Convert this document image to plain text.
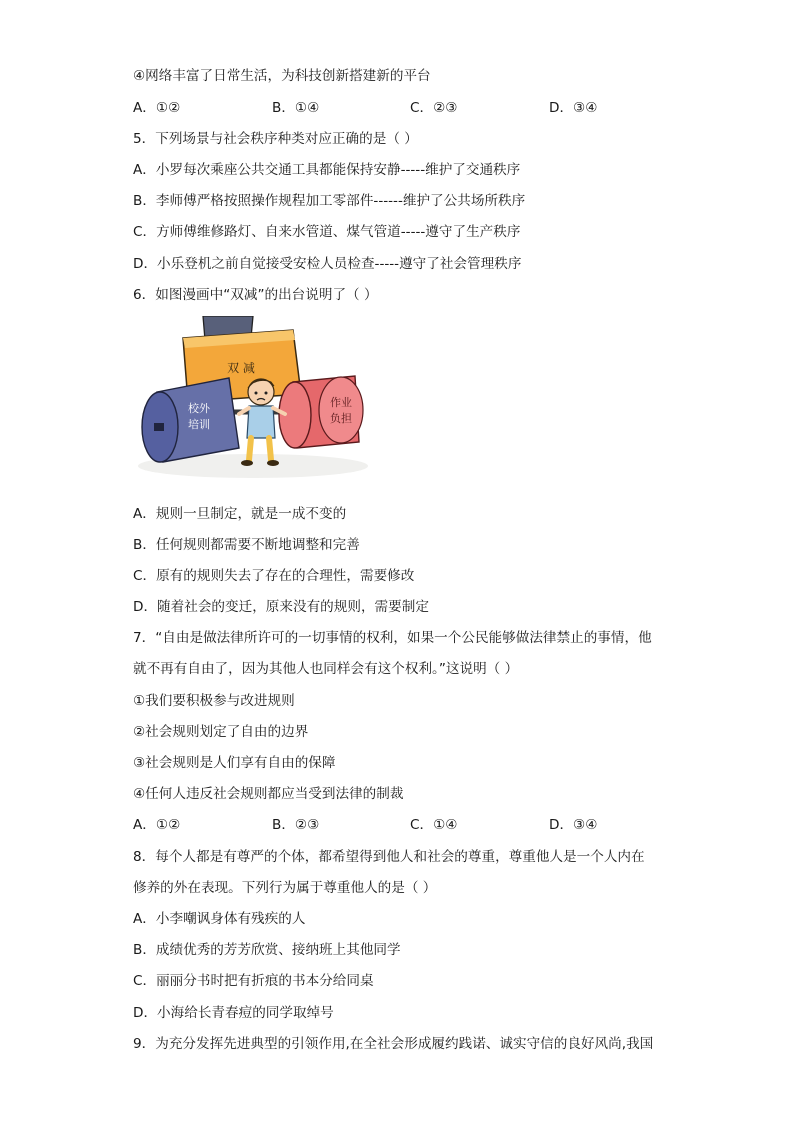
④网络丰富了日常生活，为科技创新搭建新的平台
A．①②	B．①④	C．②③	D．③④
5．下列场景与社会秩序种类对应正确的是（ ）
A．小罗每次乘座公共交通工具都能保持安静-----维护了交通秩序
B．李师傅严格按照操作规程加工零部件------维护了公共场所秩序
C．方师傅维修路灯、自来水管道、煤气管道-----遵守了生产秩序
D．小乐登机之前自觉接受安检人员检查-----遵守了社会管理秩序
6．如图漫画中“双减”的出台说明了（ ）
双 减
校外
培训
作业
负担
A．规则一旦制定，就是一成不变的
B．任何规则都需要不断地调整和完善
C．原有的规则失去了存在的合理性，需要修改
D．随着社会的变迁，原来没有的规则，需要制定
7．“自由是做法律所许可的一切事情的权利，如果一个公民能够做法律禁止的事情，他
就不再有自由了，因为其他人也同样会有这个权利。”这说明（ ）
①我们要积极参与改进规则
②社会规则划定了自由的边界
③社会规则是人们享有自由的保障
④任何人违反社会规则都应当受到法律的制裁
A．①②	B．②③	C．①④	D．③④
8．每个人都是有尊严的个体，都希望得到他人和社会的尊重，尊重他人是一个人内在
修养的外在表现。下列行为属于尊重他人的是（ ）
A．小李嘲讽身体有残疾的人
B．成绩优秀的芳芳欣赏、接纳班上其他同学
C．丽丽分书时把有折痕的书本分给同桌
D．小海给长青春痘的同学取绰号
9．为充分发挥先进典型的引领作用,在全社会形成履约践诺、诚实守信的良好风尚,我国
